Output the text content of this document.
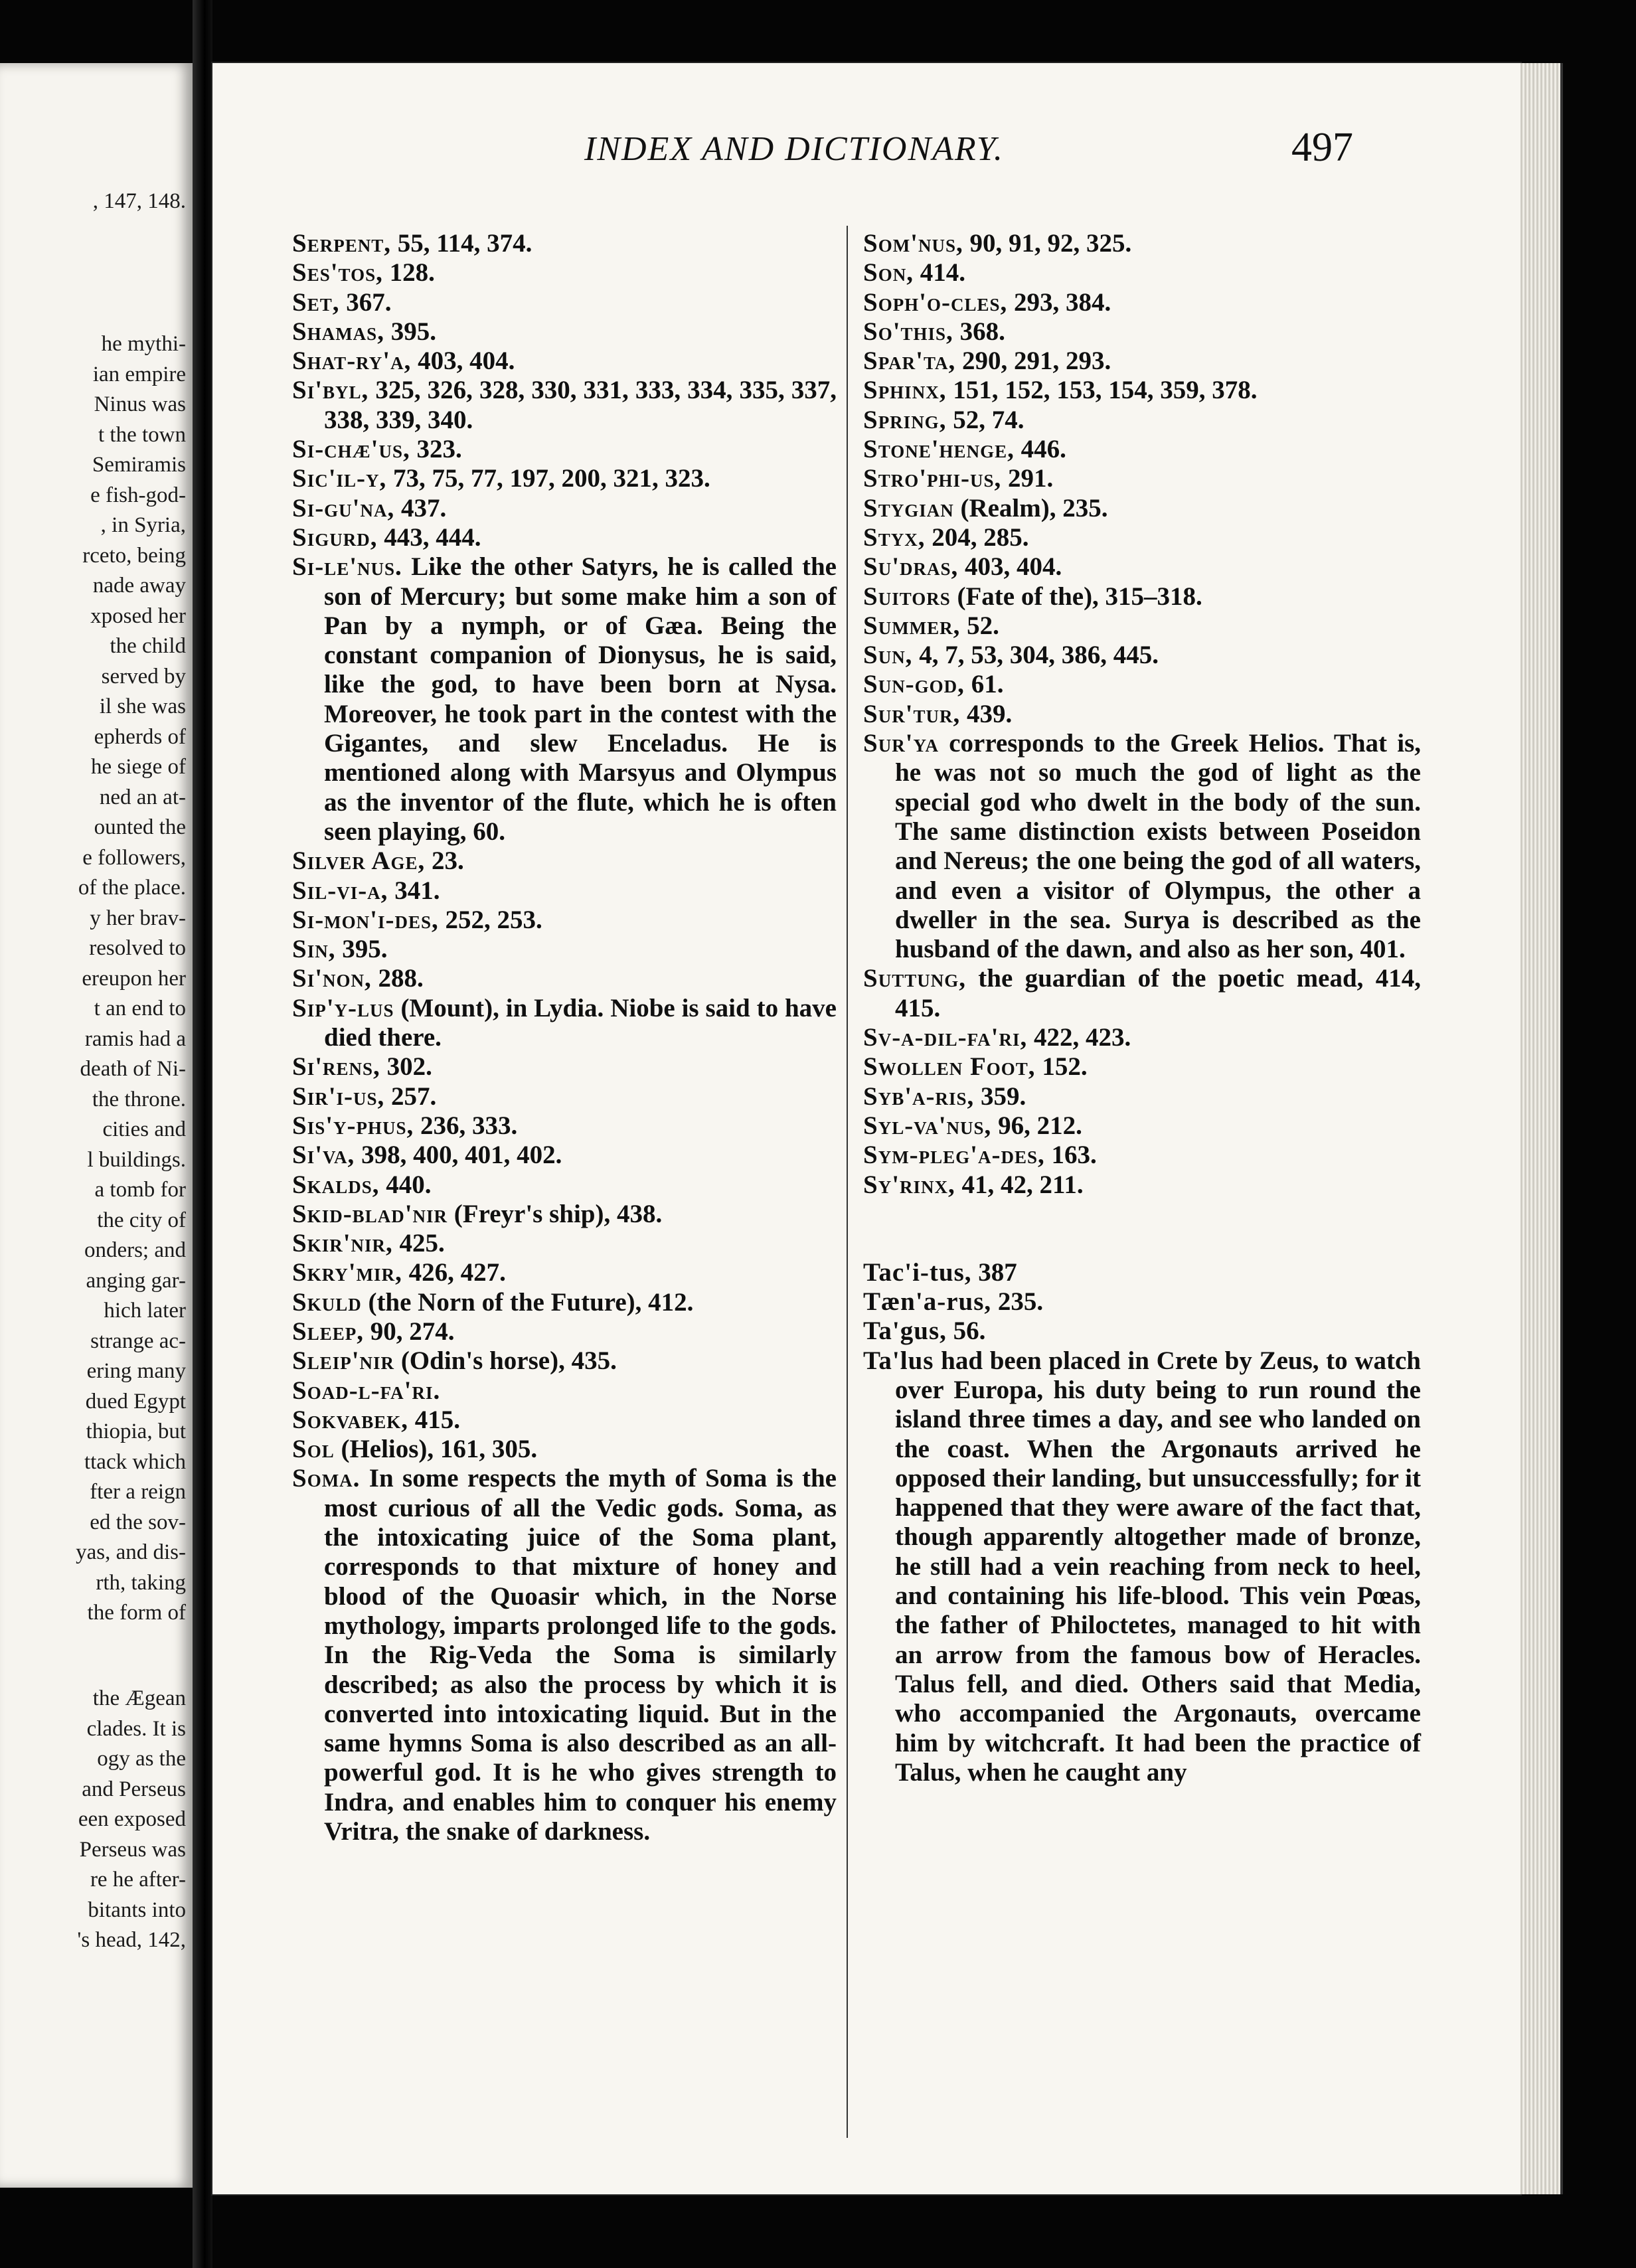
, 147, 148.
he mythi-
ian empire
Ninus was
t the town
Semiramis
e fish-god-
, in Syria,
rceto, being
nade away
xposed her
the child
served by
il she was
epherds of
he siege of
ned an at-
ounted the
e followers,
of the place.
y her brav-
resolved to
ereupon her
t an end to
ramis had a
death of Ni-
the throne.
cities and
l buildings.
a tomb for
the city of
onders; and
anging gar-
hich later
strange ac-
ering many
dued Egypt
thiopia, but
ttack which
fter a reign
ed the sov-
yas, and dis-
rth, taking
the form of
the Ægean
clades. It is
ogy as the
and Perseus
een exposed
Perseus was
re he after-
bitants into
's head, 142,
INDEX AND DICTIONARY.	497

Serpent, 55, 114, 374.

Ses'tos, 128.

Set, 367.

Shamas, 395.

Shat-ry'a, 403, 404.

Si'byl, 325, 326, 328, 330, 331, 333, 334, 335, 337, 338, 339, 340.

Si-chæ'us, 323.

Sic'il-y, 73, 75, 77, 197, 200, 321, 323.

Si-gu'na, 437.

Sigurd, 443, 444.

Si-le'nus. Like the other Satyrs, he is called the son of Mercury; but some make him a son of Pan by a nymph, or of Gæa. Being the constant companion of Dionysus, he is said, like the god, to have been born at Nysa. Moreover, he took part in the contest with the Gigantes, and slew Enceladus. He is mentioned along with Marsyus and Olympus as the inventor of the flute, which he is often seen playing, 60.

Silver Age, 23.

Sil-vi-a, 341.

Si-mon'i-des, 252, 253.

Sin, 395.

Si'non, 288.

Sip'y-lus (Mount), in Lydia. Niobe is said to have died there.

Si'rens, 302.

Sir'i-us, 257.

Sis'y-phus, 236, 333.

Si'va, 398, 400, 401, 402.

Skalds, 440.

Skid-blad'nir (Freyr's ship), 438.

Skir'nir, 425.

Skry'mir, 426, 427.

Skuld (the Norn of the Future), 412.

Sleep, 90, 274.

Sleip'nir (Odin's horse), 435.

Soad-l-fa'ri.

Sokvabek, 415.

Sol (Helios), 161, 305.

Soma. In some respects the myth of Soma is the most curious of all the Vedic gods. Soma, as the intoxicating juice of the Soma plant, corresponds to that mixture of honey and blood of the Quoasir which, in the Norse mythology, imparts prolonged life to the gods. In the Rig-Veda the Soma is similarly described; as also the process by which it is converted into intoxicating liquid. But in the same hymns Soma is also described as an all-powerful god. It is he who gives strength to Indra, and enables him to conquer his enemy Vritra, the snake of darkness.

Som'nus, 90, 91, 92, 325.

Son, 414.

Soph'o-cles, 293, 384.

So'this, 368.

Spar'ta, 290, 291, 293.

Sphinx, 151, 152, 153, 154, 359, 378.

Spring, 52, 74.

Stone'henge, 446.

Stro'phi-us, 291.

Stygian (Realm), 235.

Styx, 204, 285.

Su'dras, 403, 404.

Suitors (Fate of the), 315–318.

Summer, 52.

Sun, 4, 7, 53, 304, 386, 445.

Sun-god, 61.

Sur'tur, 439.

Sur'ya corresponds to the Greek Helios. That is, he was not so much the god of light as the special god who dwelt in the body of the sun. The same distinction exists between Poseidon and Nereus; the one being the god of all waters, and even a visitor of Olympus, the other a dweller in the sea. Surya is described as the husband of the dawn, and also as her son, 401.

Suttung, the guardian of the poetic mead, 414, 415.

Sv-a-dil-fa'ri, 422, 423.

Swollen Foot, 152.

Syb'a-ris, 359.

Syl-va'nus, 96, 212.

Sym-pleg'a-des, 163.

Sy'rinx, 41, 42, 211.

Tac'i-tus, 387

Tæn'a-rus, 235.

Ta'gus, 56.

Ta'lus had been placed in Crete by Zeus, to watch over Europa, his duty being to run round the island three times a day, and see who landed on the coast. When the Argonauts arrived he opposed their landing, but unsuccessfully; for it happened that they were aware of the fact that, though apparently altogether made of bronze, he still had a vein reaching from neck to heel, and containing his life-blood. This vein Pœas, the father of Philoctetes, managed to hit with an arrow from the famous bow of Heracles. Talus fell, and died. Others said that Media, who accompanied the Argonauts, overcame him by witchcraft. It had been the practice of Talus, when he caught any
